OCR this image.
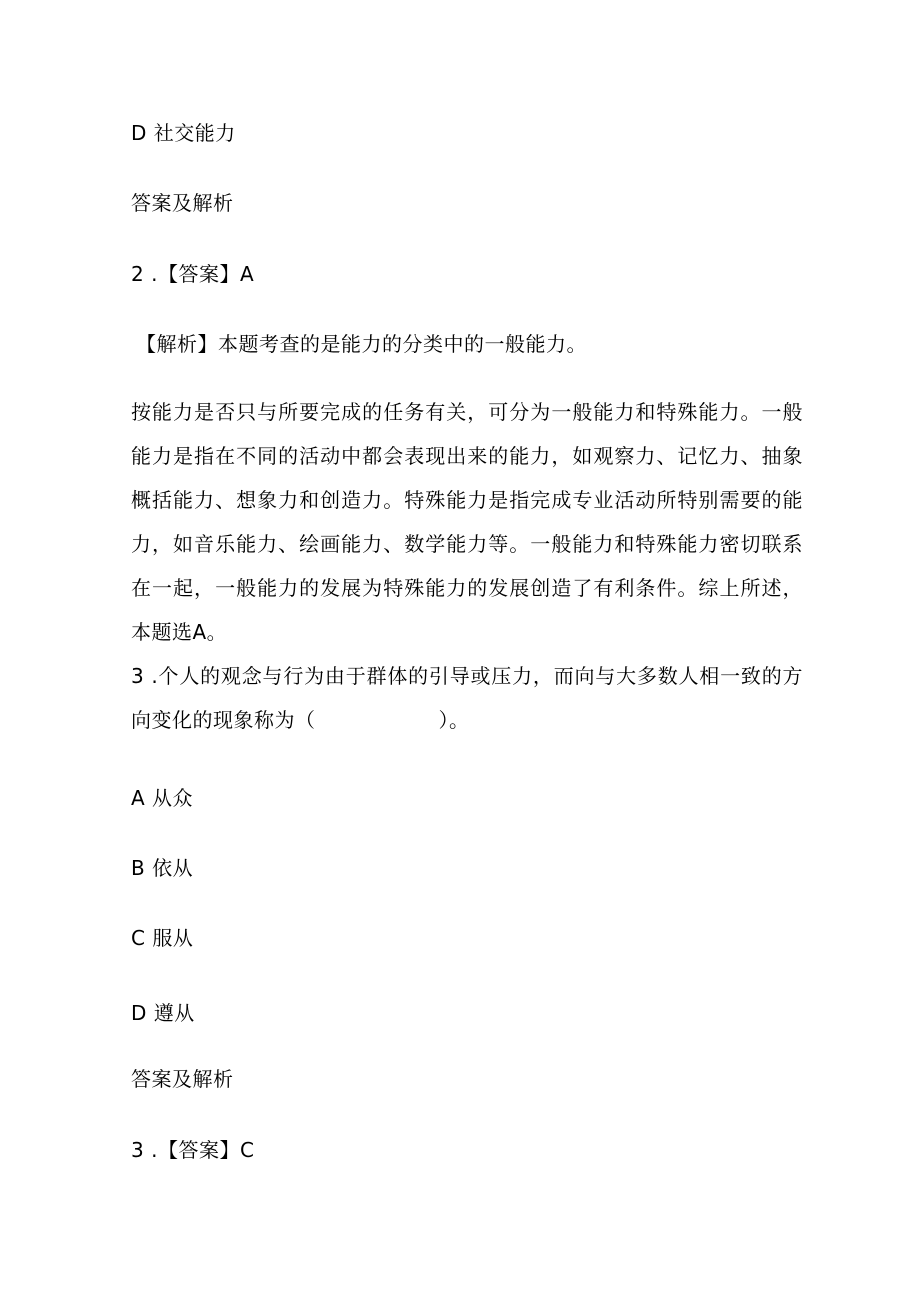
D 社交能力
答案及解析
2 .【答案】A
【解析】本题考查的是能力的分类中的一般能力。
按能力是否只与所要完成的任务有关，可分为一般能力和特殊能力。一般能力是指在不同的活动中都会表现出来的能力，如观察力、记忆力、抽象概括能力、想象力和创造力。特殊能力是指完成专业活动所特别需要的能力，如音乐能力、绘画能力、数学能力等。一般能力和特殊能力密切联系在一起，一般能力的发展为特殊能力的发展创造了有利条件。综上所述，本题选A。
3 .个人的观念与行为由于群体的引导或压力，而向与大多数人相一致的方向变化的现象称为（　　　　　　）。
A 从众
B 依从
C 服从
D 遵从
答案及解析
3 .【答案】C
